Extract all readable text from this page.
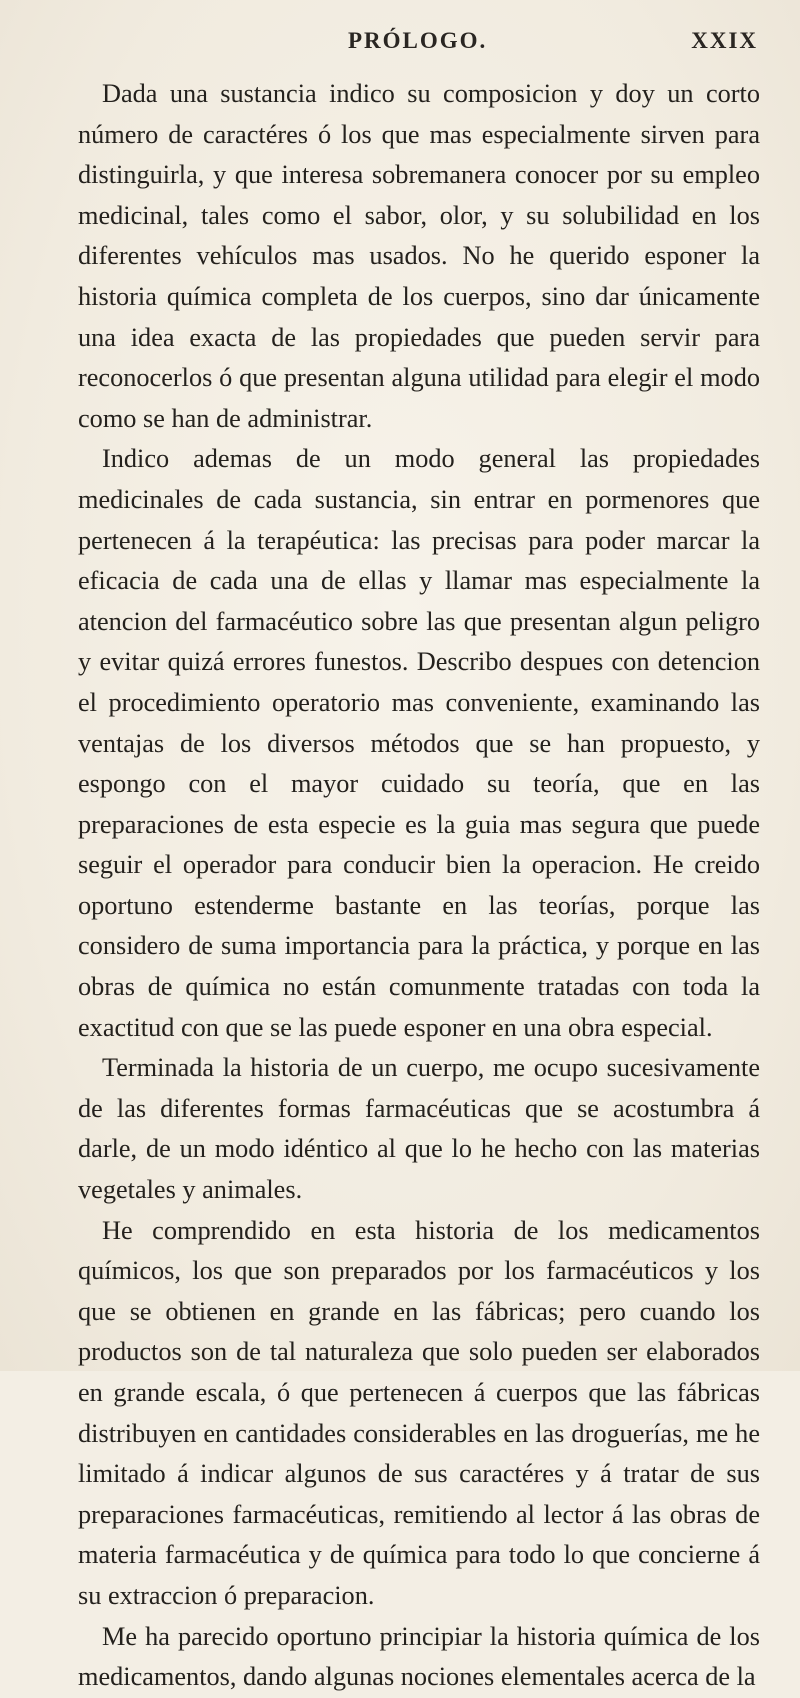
PRÓLOGO.	XXIX

Dada una sustancia indico su composicion y doy un corto número de caractéres ó los que mas especialmente sirven para distinguirla, y que interesa sobremanera conocer por su empleo medicinal, tales como el sabor, olor, y su solubilidad en los diferentes vehículos mas usados. No he querido esponer la historia química completa de los cuerpos, sino dar únicamente una idea exacta de las propiedades que pueden servir para reconocerlos ó que presentan alguna utilidad para elegir el modo como se han de administrar.

Indico ademas de un modo general las propiedades medicinales de cada sustancia, sin entrar en pormenores que pertenecen á la terapéutica: las precisas para poder marcar la eficacia de cada una de ellas y llamar mas especialmente la atencion del farmacéutico sobre las que presentan algun peligro y evitar quizá errores funestos. Describo despues con detencion el procedimiento operatorio mas conveniente, examinando las ventajas de los diversos métodos que se han propuesto, y espongo con el mayor cuidado su teoría, que en las preparaciones de esta especie es la guia mas segura que puede seguir el operador para conducir bien la operacion. He creido oportuno estenderme bastante en las teorías, porque las considero de suma importancia para la práctica, y porque en las obras de química no están comunmente tratadas con toda la exactitud con que se las puede esponer en una obra especial.

Terminada la historia de un cuerpo, me ocupo sucesivamente de las diferentes formas farmacéuticas que se acostumbra á darle, de un modo idéntico al que lo he hecho con las materias vegetales y animales.

He comprendido en esta historia de los medicamentos químicos, los que son preparados por los farmacéuticos y los que se obtienen en grande en las fábricas; pero cuando los productos son de tal naturaleza que solo pueden ser elaborados en grande escala, ó que pertenecen á cuerpos que las fábricas distribuyen en cantidades considerables en las droguerías, me he limitado á indicar algunos de sus caractéres y á tratar de sus preparaciones farmacéuticas, remitiendo al lector á las obras de materia farmacéutica y de química para todo lo que concierne á su extraccion ó preparacion.

Me ha parecido oportuno principiar la historia química de los medicamentos, dando algunas nociones elementales acerca de la
